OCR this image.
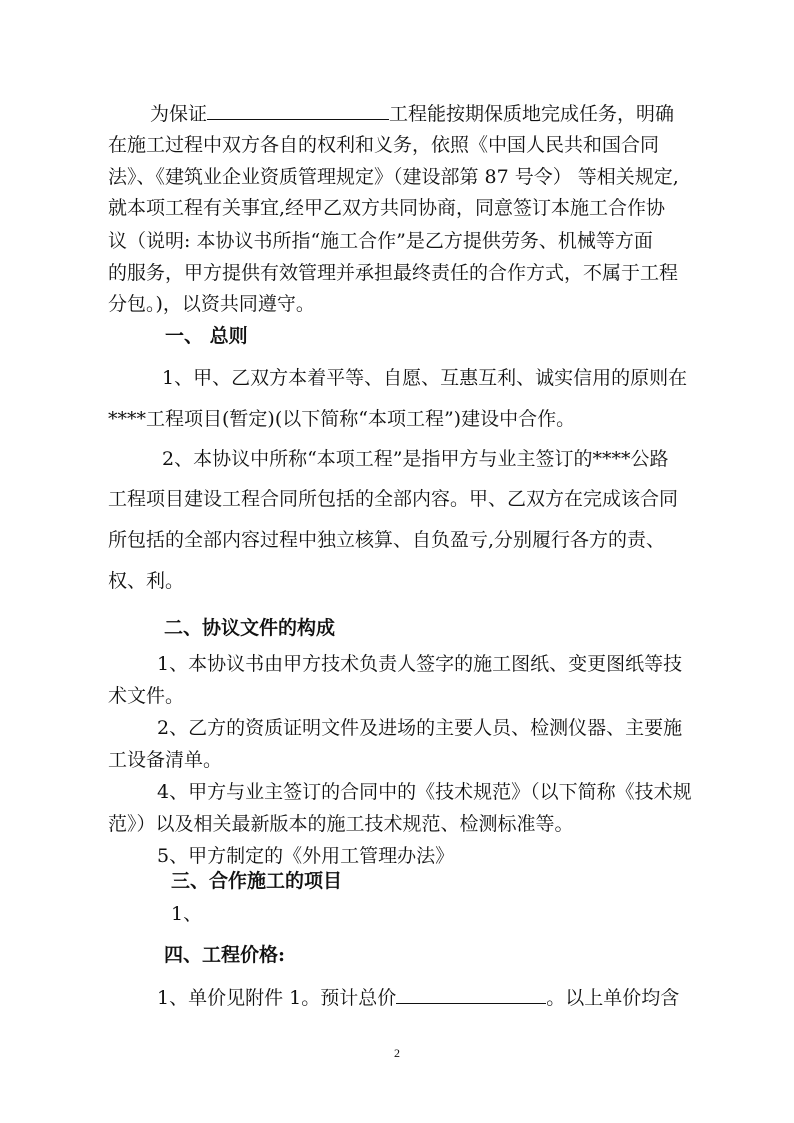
为保证	工程能按期保质地完成任务，明确
在施工过程中双方各自的权利和义务，依照《中国人民共和国合同
法》、《建筑业企业资质管理规定》（建设部第 87 号令） 等相关规定,
就本项工程有关事宜,经甲乙双方共同协商，同意签订本施工合作协
议（说明: 本协议书所指“施工合作”是乙方提供劳务、机械等方面
的服务，甲方提供有效管理并承担最终责任的合作方式，不属于工程
分包。)，以资共同遵守。
一、 总则
1、甲、乙双方本着平等、自愿、互惠互利、诚实信用的原则在
****工程项目(暂定)(以下简称“本项工程”)建设中合作。
2、本协议中所称“本项工程”是指甲方与业主签订的****公路
工程项目建设工程合同所包括的全部内容。甲、乙双方在完成该合同
所包括的全部内容过程中独立核算、自负盈亏,分别履行各方的责、
权、利。
二、协议文件的构成
1、本协议书由甲方技术负责人签字的施工图纸、变更图纸等技
术文件。
2、乙方的资质证明文件及进场的主要人员、检测仪器、主要施
工设备清单。
4、甲方与业主签订的合同中的《技术规范》（以下简称《技术规
范》）以及相关最新版本的施工技术规范、检测标准等。
5、甲方制定的《外用工管理办法》
三、合作施工的项目
1、
四、工程价格:
1、单价见附件 1。预计总价	。以上单价均含
2
